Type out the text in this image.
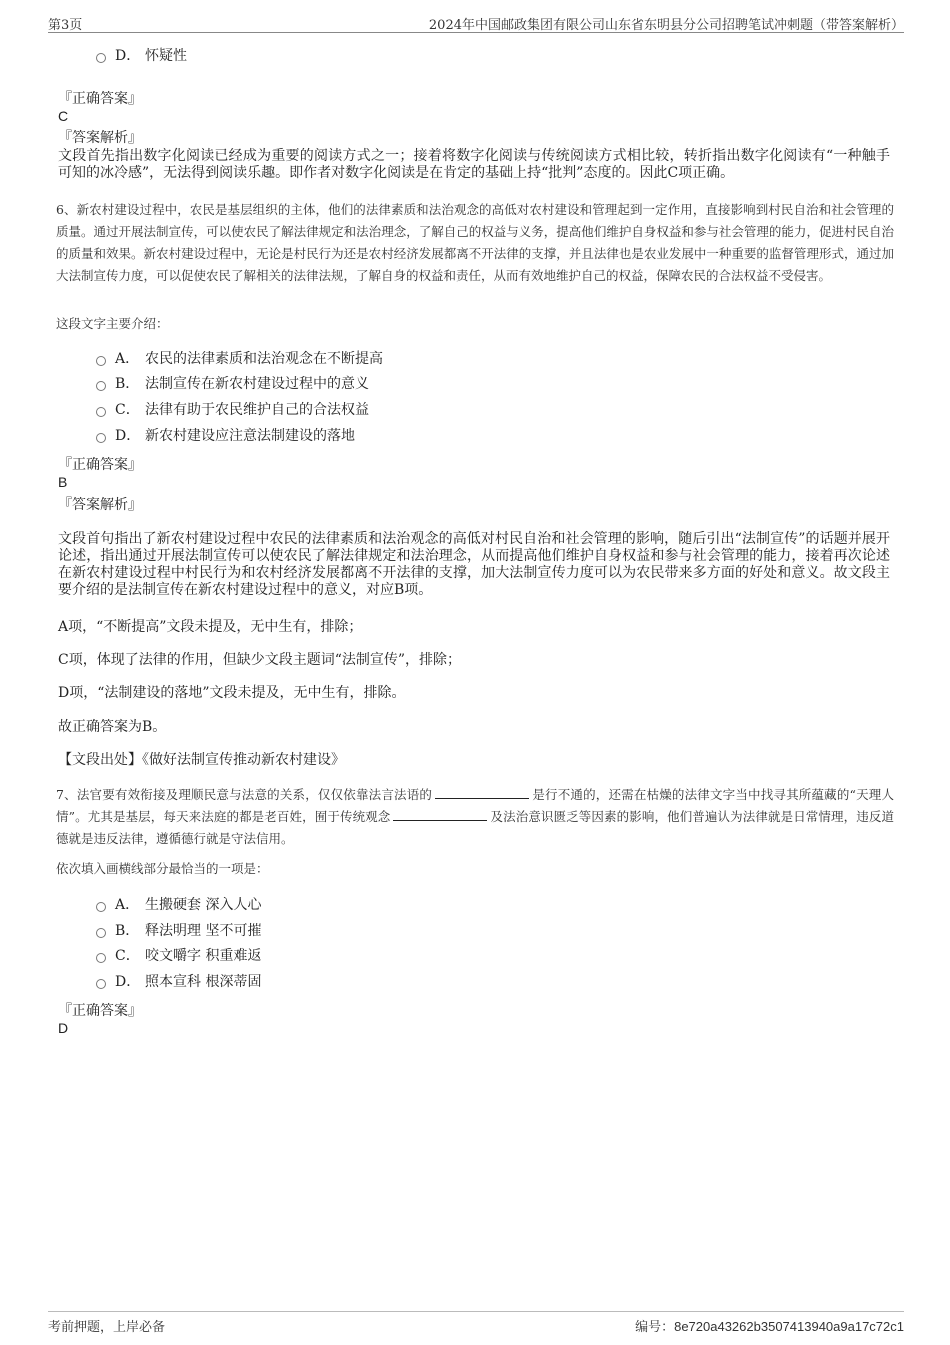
第3页	2024年中国邮政集团有限公司山东省东明县分公司招聘笔试冲刺题（带答案解析）
D． 怀疑性
『正确答案』
C
『答案解析』
文段首先指出数字化阅读已经成为重要的阅读方式之一；接着将数字化阅读与传统阅读方式相比较，转折指出数字化阅读有“一种触手可知的冰冷感”，无法得到阅读乐趣。即作者对数字化阅读是在肯定的基础上持“批判”态度的。因此C项正确。
6、新农村建设过程中，农民是基层组织的主体，他们的法律素质和法治观念的高低对农村建设和管理起到一定作用，直接影响到村民自治和社会管理的质量。通过开展法制宣传，可以使农民了解法律规定和法治理念，了解自己的权益与义务，提高他们维护自身权益和参与社会管理的能力，促进村民自治的质量和效果。新农村建设过程中，无论是村民行为还是农村经济发展都离不开法律的支撑，并且法律也是农业发展中一种重要的监督管理形式，通过加大法制宣传力度，可以促使农民了解相关的法律法规，了解自身的权益和责任，从而有效地维护自己的权益，保障农民的合法权益不受侵害。
这段文字主要介绍：
A． 农民的法律素质和法治观念在不断提高
B． 法制宣传在新农村建设过程中的意义
C． 法律有助于农民维护自己的合法权益
D． 新农村建设应注意法制建设的落地
『正确答案』
B
『答案解析』
文段首句指出了新农村建设过程中农民的法律素质和法治观念的高低对村民自治和社会管理的影响，随后引出“法制宣传”的话题并展开论述，指出通过开展法制宣传可以使农民了解法律规定和法治理念，从而提高他们维护自身权益和参与社会管理的能力，接着再次论述在新农村建设过程中村民行为和农村经济发展都离不开法律的支撑，加大法制宣传力度可以为农民带来多方面的好处和意义。故文段主要介绍的是法制宣传在新农村建设过程中的意义，对应B项。
A项，“不断提高”文段未提及，无中生有，排除；
C项，体现了法律的作用，但缺少文段主题词“法制宣传”，排除；
D项，“法制建设的落地”文段未提及，无中生有，排除。
故正确答案为B。
【文段出处】《做好法制宣传推动新农村建设》
7、法官要有效衔接及理顺民意与法意的关系，仅仅依靠法言法语的	是行不通的，还需在枯燥的法律文字当中找寻其所蕴藏的“天理人情”。尤其是基层，每天来法庭的都是老百姓，囿于传统观念	及法治意识匮乏等因素的影响，他们普遍认为法律就是日常情理，违反道德就是违反法律，遵循德行就是守法信用。
依次填入画横线部分最恰当的一项是：
A． 生搬硬套 深入人心
B． 释法明理 坚不可摧
C． 咬文嚼字 积重难返
D． 照本宣科 根深蒂固
『正确答案』
D
考前押题，上岸必备	编号：8e720a43262b3507413940a9a17c72c1
